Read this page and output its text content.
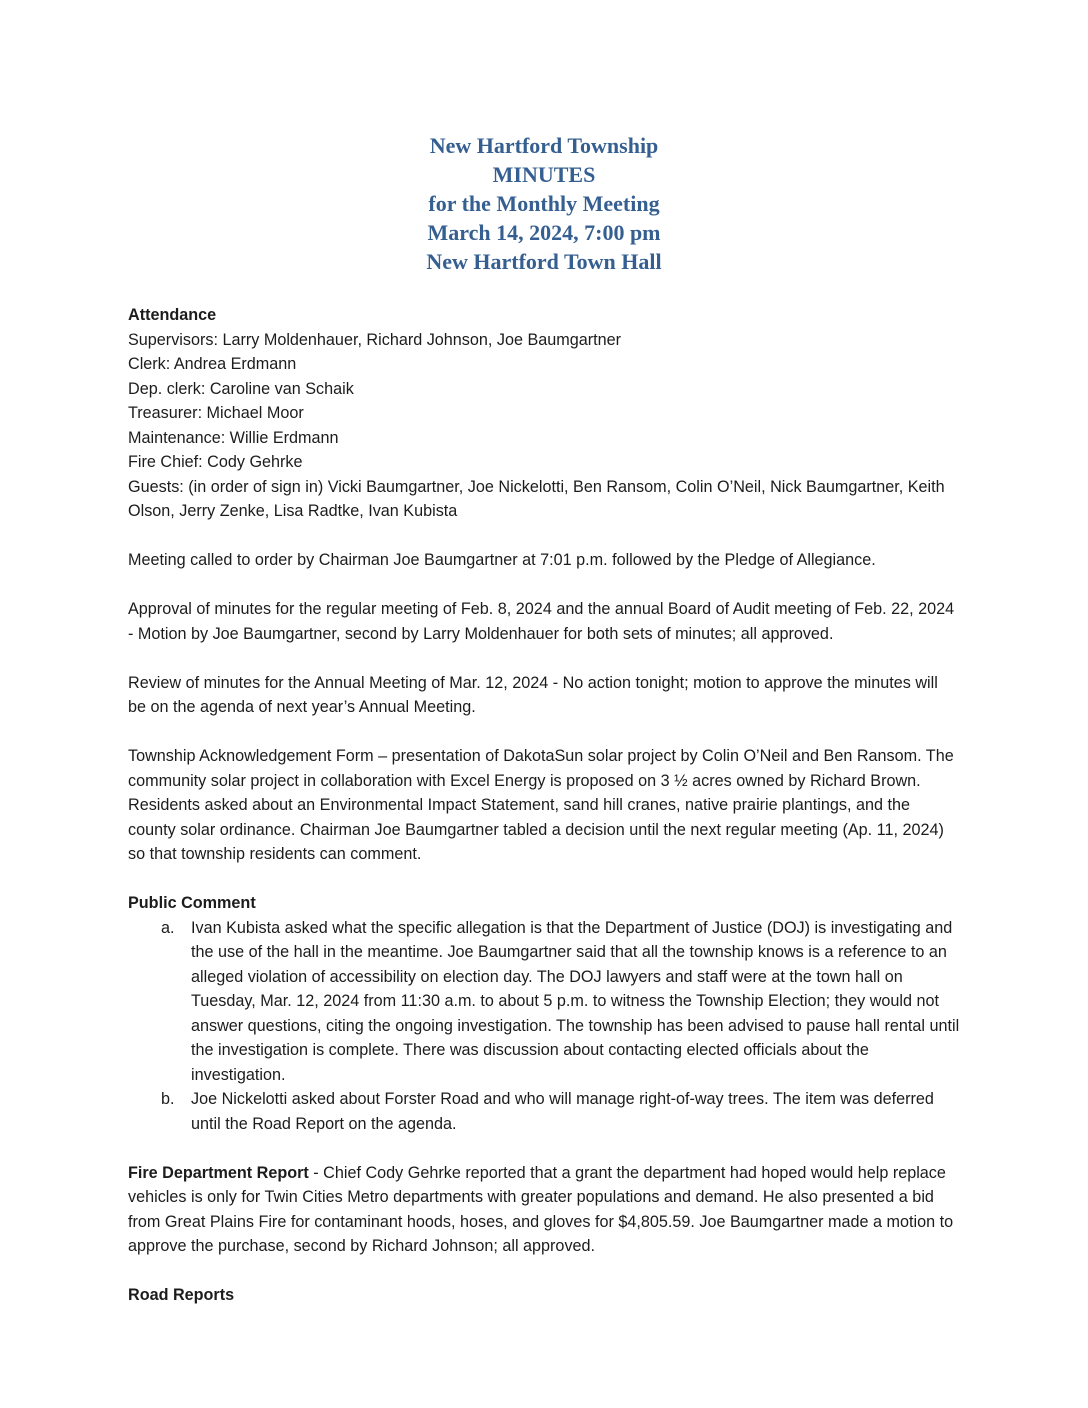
New Hartford Township
MINUTES
for the Monthly Meeting
March 14, 2024, 7:00 pm
New Hartford Town Hall

Attendance

Supervisors: Larry Moldenhauer, Richard Johnson, Joe Baumgartner

Clerk: Andrea Erdmann

Dep. clerk: Caroline van Schaik

Treasurer: Michael Moor

Maintenance: Willie Erdmann

Fire Chief: Cody Gehrke

Guests: (in order of sign in) Vicki Baumgartner, Joe Nickelotti, Ben Ransom, Colin O’Neil, Nick Baumgartner, Keith Olson, Jerry Zenke, Lisa Radtke, Ivan Kubista

Meeting called to order by Chairman Joe Baumgartner at 7:01 p.m. followed by the Pledge of Allegiance.

Approval of minutes for the regular meeting of Feb. 8, 2024 and the annual Board of Audit meeting of Feb. 22, 2024 - Motion by Joe Baumgartner, second by Larry Moldenhauer for both sets of minutes; all approved.

Review of minutes for the Annual Meeting of Mar. 12, 2024 - No action tonight; motion to approve the minutes will be on the agenda of next year’s Annual Meeting.

Township Acknowledgement Form – presentation of DakotaSun solar project by Colin O’Neil and Ben Ransom. The community solar project in collaboration with Excel Energy is proposed on 3 ½ acres owned by Richard Brown. Residents asked about an Environmental Impact Statement, sand hill cranes, native prairie plantings, and the county solar ordinance. Chairman Joe Baumgartner tabled a decision until the next regular meeting (Ap. 11, 2024) so that township residents can comment.

Public Comment

a.	Ivan Kubista asked what the specific allegation is that the Department of Justice (DOJ) is investigating and the use of the hall in the meantime. Joe Baumgartner said that all the township knows is a reference to an alleged violation of accessibility on election day. The DOJ lawyers and staff were at the town hall on Tuesday, Mar. 12, 2024 from 11:30 a.m. to about 5 p.m. to witness the Township Election; they would not answer questions, citing the ongoing investigation. The township has been advised to pause hall rental until the investigation is complete. There was discussion about contacting elected officials about the investigation.
b.	Joe Nickelotti asked about Forster Road and who will manage right-of-way trees. The item was deferred until the Road Report on the agenda.

Fire Department Report - Chief Cody Gehrke reported that a grant the department had hoped would help replace vehicles is only for Twin Cities Metro departments with greater populations and demand. He also presented a bid from Great Plains Fire for contaminant hoods, hoses, and gloves for $4,805.59. Joe Baumgartner made a motion to approve the purchase, second by Richard Johnson; all approved.

Road Reports
